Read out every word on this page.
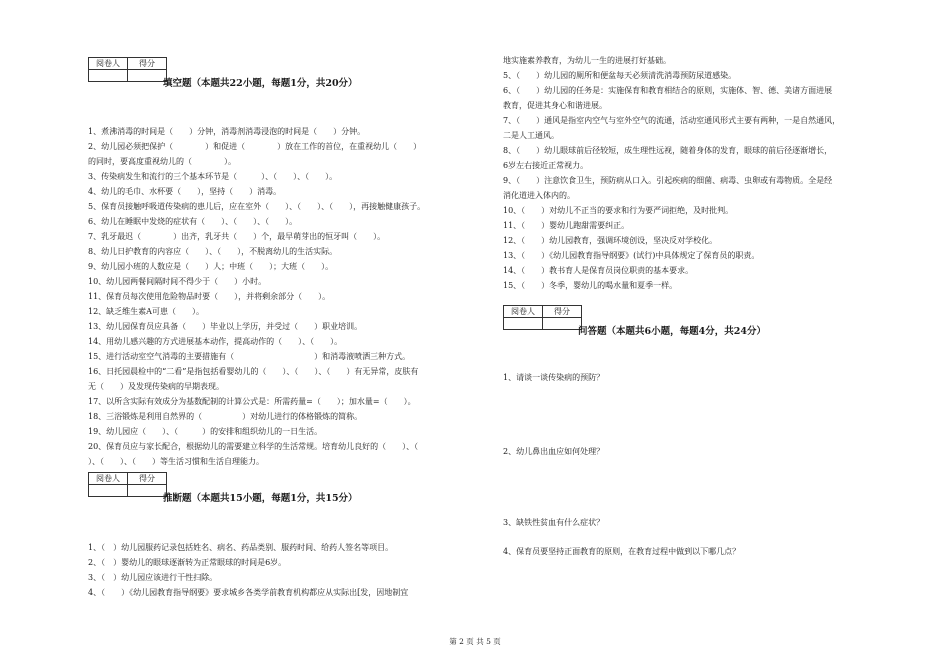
阅卷人	得分

填空题（本题共22小题，每题1分，共20分）
1、煮沸消毒的时间是（　　）分钟，消毒剂消毒浸泡的时间是（　　）分钟。
2、幼儿园必须把保护（　　　　）和促进（　　　　）放在工作的首位，在重视幼儿（　　）
的同时，要高度重视幼儿的（　　　　）。
3、传染病发生和流行的三个基本环节是（　　　）、（　　）、（　　）。
4、幼儿的毛巾、水杯要（　　），坚持（　　）消毒。
5、保育员接触呼吸道传染病的患儿后，应在室外（　　）、（　　）、（　　），再接触健康孩子。
6、幼儿在睡眠中发烧的症状有（　　）、（　　）、（　　）。
7、乳牙最迟（　　　　）出齐，乳牙共（　　）个，最早萌芽出的恒牙叫（　　）。
8、幼儿日护教育的内容应（　　）、（　　），不脱离幼儿的生活实际。
9、幼儿园小班的人数应是（　　）人；中班（　　）；大班（　　）。
10、幼儿园两餐间隔时间不得少于（　　）小时。
11、保育员每次使用危险物品时要（　　），并将剩余部分（　　）。
12、缺乏维生素A可患（　　）。
13、幼儿园保育员应具备（　　）毕业以上学历，并受过（　　）职业培训。
14、用幼儿感兴趣的方式进展基本动作，提高动作的（　　）、（　　）。
15、进行活动室空气消毒的主要措施有（　　　　　　　　　　）和消毒液喷洒三种方式。
16、日托园晨检中的“二看”是指包括看婴幼儿的（　　）、（　　）、（　　）有无异常，皮肤有
无（　　）及发现传染病的早期表现。
17、以所含实际有效成分为基数配制的计算公式是：所需药量=（　　）；加水量=（　　）。
18、三浴锻炼是利用自然界的（　　　　　）对幼儿进行的体格锻炼的简称。
19、幼儿园应（　　）、（　　　）的安排和组织幼儿的一日生活。
20、保育员应与家长配合，根据幼儿的需要建立科学的生活常规。培育幼儿良好的（　　）、（　　
）、（　　）、（　　）等生活习惯和生活自理能力。
阅卷人	得分

推断题（本题共15小题，每题1分，共15分）
1、（　）幼儿园服药记录包括姓名、病名、药品类别、服药时间、给药人签名等项目。
2、（　）婴幼儿的眼球逐渐转为正常眼球的时间是6岁。
3、（　）幼儿园应该进行干性扫除。
4、（　　）《幼儿园教育指导纲要》要求城乡各类学前教育机构都应从实际出[发，因地制宜
地实施素养教育，为幼儿一生的进展打好基础。
5、（　　）幼儿园的厕所和便盆每天必须清洗消毒预防尿道感染。
6、（　　）幼儿园的任务是：实施保育和教育相结合的原则，实施体、智、德、美诸方面进展
教育，促进其身心和谐进展。
7、（　　）通风是指室内空气与室外空气的流通，活动室通风形式主要有两种，一是自然通风，
二是人工通风。
8、（　　）幼儿眼球前后径较短，成生理性远视，随着身体的发育，眼球的前后径逐渐增长，
6岁左右接近正常视力。
9、（　　）注意饮食卫生，预防病从口入。引起疾病的细菌、病毒、虫卵或有毒物质。全是经
消化道进入体内的。
10、（　　）对幼儿不正当的要求和行为要严词拒绝，及时批判。
11、（　　）婴幼儿跑甜需要纠正。
12、（　　）幼儿园教育，强调环境创设，坚决反对学校化。
13、（　　）《幼儿园教育指导纲要》(试行)中具体规定了保育员的职责。
14、（　　）教书育人是保育员岗位职责的基本要求。
15、（　　）冬季，婴幼儿的喝水量和夏季一样。
阅卷人	得分

问答题（本题共6小题，每题4分，共24分）
1、请谈一谈传染病的预防？
2、幼儿鼻出血应如何处理？
3、缺铁性贫血有什么症状？
4、保育员要坚持正面教育的原则，在教育过程中做到以下哪几点？
第 2 页 共 5 页
